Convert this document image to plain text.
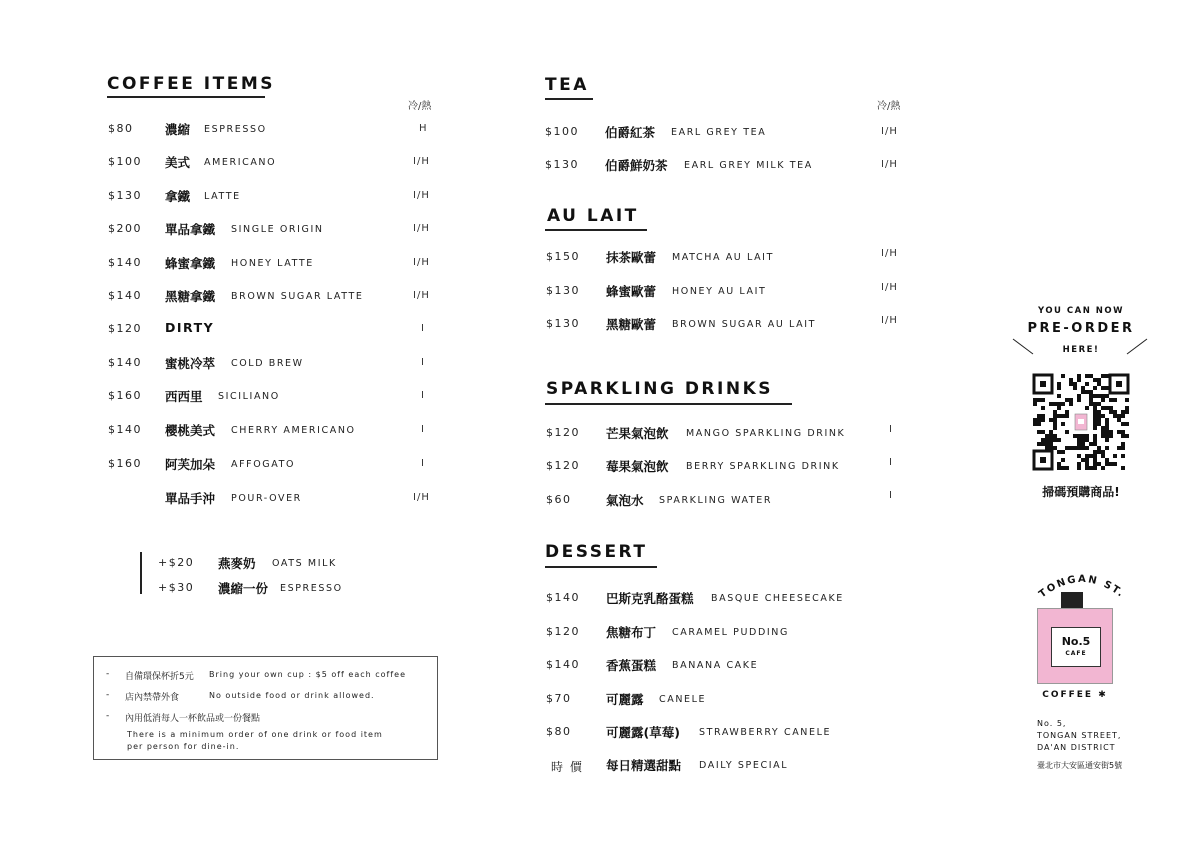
COFFEE ITEMS
冷/熱
$80	濃縮 ESPRESSO	H
$100 美式 AMERICANO	I/H
$130 拿鐵 LATTE	I/H
$200 單品拿鐵 SINGLE ORIGIN	I/H
$140 蜂蜜拿鐵 HONEY LATTE	I/H
$140 黑糖拿鐵 BROWN SUGAR LATTE	I/H
$120 DIRTY	I
$140 蜜桃冷萃 COLD BREW	I
$160 西西里 SICILIANO	I
$140 櫻桃美式 CHERRY AMERICANO	I
$160 阿芙加朵 AFFOGATO	I
單品手沖 POUR-OVER	I/H
+$20 燕麥奶 OATS MILK
+$30 濃縮一份 ESPRESSO
- 自備環保杯折5元 Bring your own cup : $5 off each coffee
- 店內禁帶外食	No outside food or drink allowed.
- 內用低消每人一杯飲品或一份餐點
There is a minimum order of one drink or food item
per person for dine-in.
TEA
冷/熱
$100 伯爵紅茶 EARL GREY TEA	I/H
$130 伯爵鮮奶茶 EARL GREY MILK TEA	I/H
AU LAIT
$150 抹茶歐蕾 MATCHA AU LAIT	I/H
$130 蜂蜜歐蕾 HONEY AU LAIT	I/H
$130 黑糖歐蕾 BROWN SUGAR AU LAIT	I/H
SPARKLING DRINKS
$120 芒果氣泡飲 MANGO SPARKLING DRINK	I
$120 莓果氣泡飲 BERRY SPARKLING DRINK	I
$60	氣泡水 SPARKLING WATER	I
DESSERT
$140 巴斯克乳酪蛋糕 BASQUE CHEESECAKE
$120 焦糖布丁 CARAMEL PUDDING
$140 香蕉蛋糕 BANANA CAKE
$70	可麗露 CANELE
$80	可麗露(草莓) STRAWBERRY CANELE
時 價 每日精選甜點 DAILY SPECIAL
YOU CAN NOW
PRE-ORDER
HERE!
掃碼預購商品!
TONGAN ST.
No.5
CAFE
COFFEE ✱
No. 5,
TONGAN STREET,
DA'AN DISTRICT
臺北市大安區通安街5號
